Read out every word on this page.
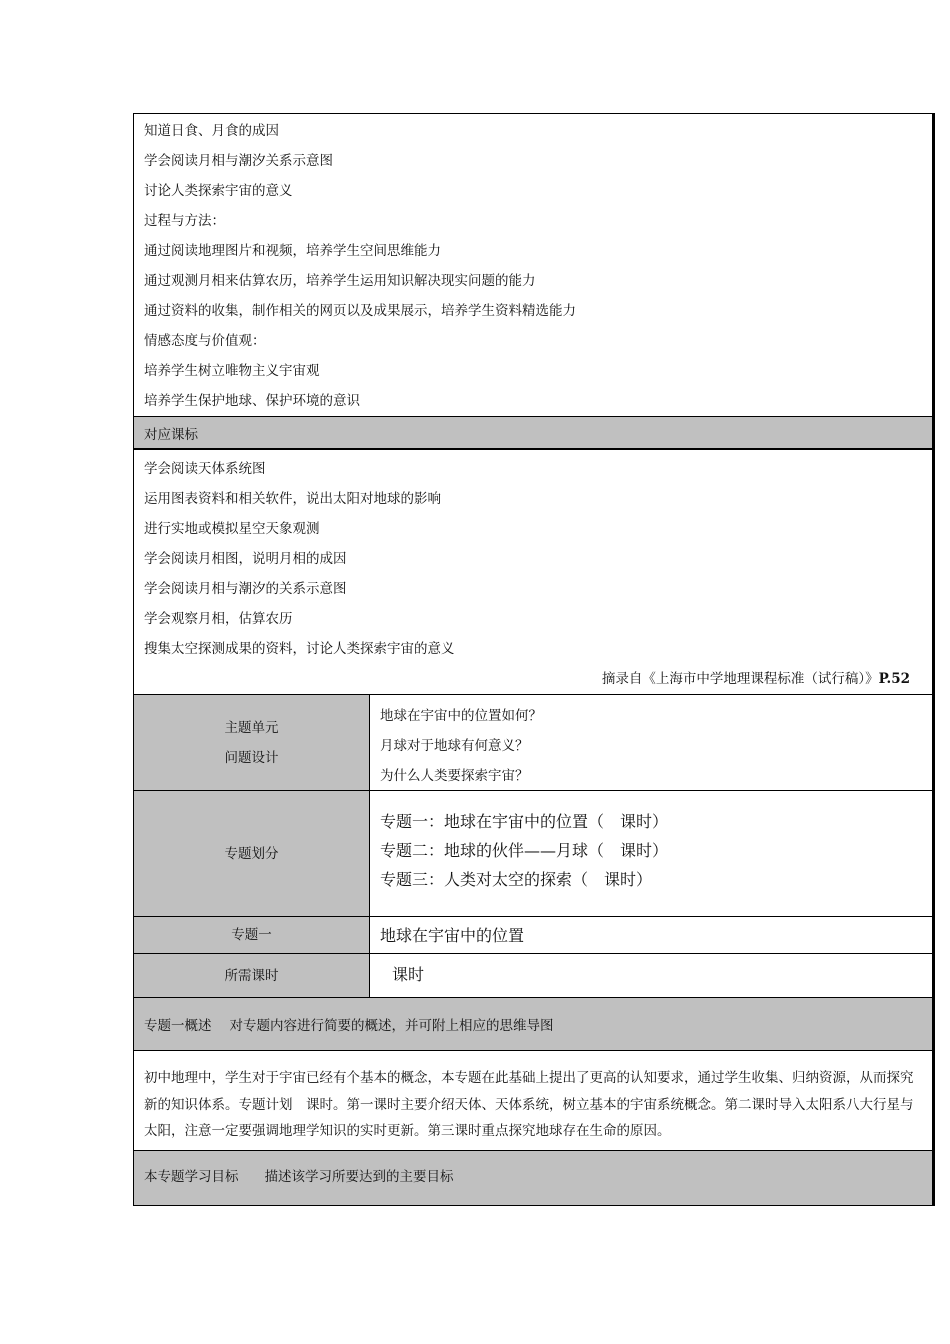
知道日食、月食的成因
学会阅读月相与潮汐关系示意图
讨论人类探索宇宙的意义
过程与方法：
通过阅读地理图片和视频，培养学生空间思维能力
通过观测月相来估算农历，培养学生运用知识解决现实问题的能力
通过资料的收集，制作相关的网页以及成果展示，培养学生资料精选能力
情感态度与价值观：
培养学生树立唯物主义宇宙观
培养学生保护地球、保护环境的意识
对应课标
学会阅读天体系统图
运用图表资料和相关软件，说出太阳对地球的影响
进行实地或模拟星空天象观测
学会阅读月相图，说明月相的成因
学会阅读月相与潮汐的关系示意图
学会观察月相，估算农历
搜集太空探测成果的资料，讨论人类探索宇宙的意义
摘录自《上海市中学地理课程标准（试行稿）》P.52
主题单元
问题设计
地球在宇宙中的位置如何？
月球对于地球有何意义？
为什么人类要探索宇宙？
专题划分
专题一：地球在宇宙中的位置（　课时）
专题二：地球的伙伴——月球（　课时）
专题三：人类对太空的探索（　课时）
专题一	地球在宇宙中的位置
所需课时	课时
专题一概述 对专题内容进行简要的概述，并可附上相应的思维导图
初中地理中，学生对于宇宙已经有个基本的概念，本专题在此基础上提出了更高的认知要求，通过学生收集、归纳资源，从而探究新的知识体系。专题计划　课时。第一课时主要介绍天体、天体系统，树立基本的宇宙系统概念。第二课时导入太阳系八大行星与太阳，注意一定要强调地理学知识的实时更新。第三课时重点探究地球存在生命的原因。
本专题学习目标 描述该学习所要达到的主要目标
